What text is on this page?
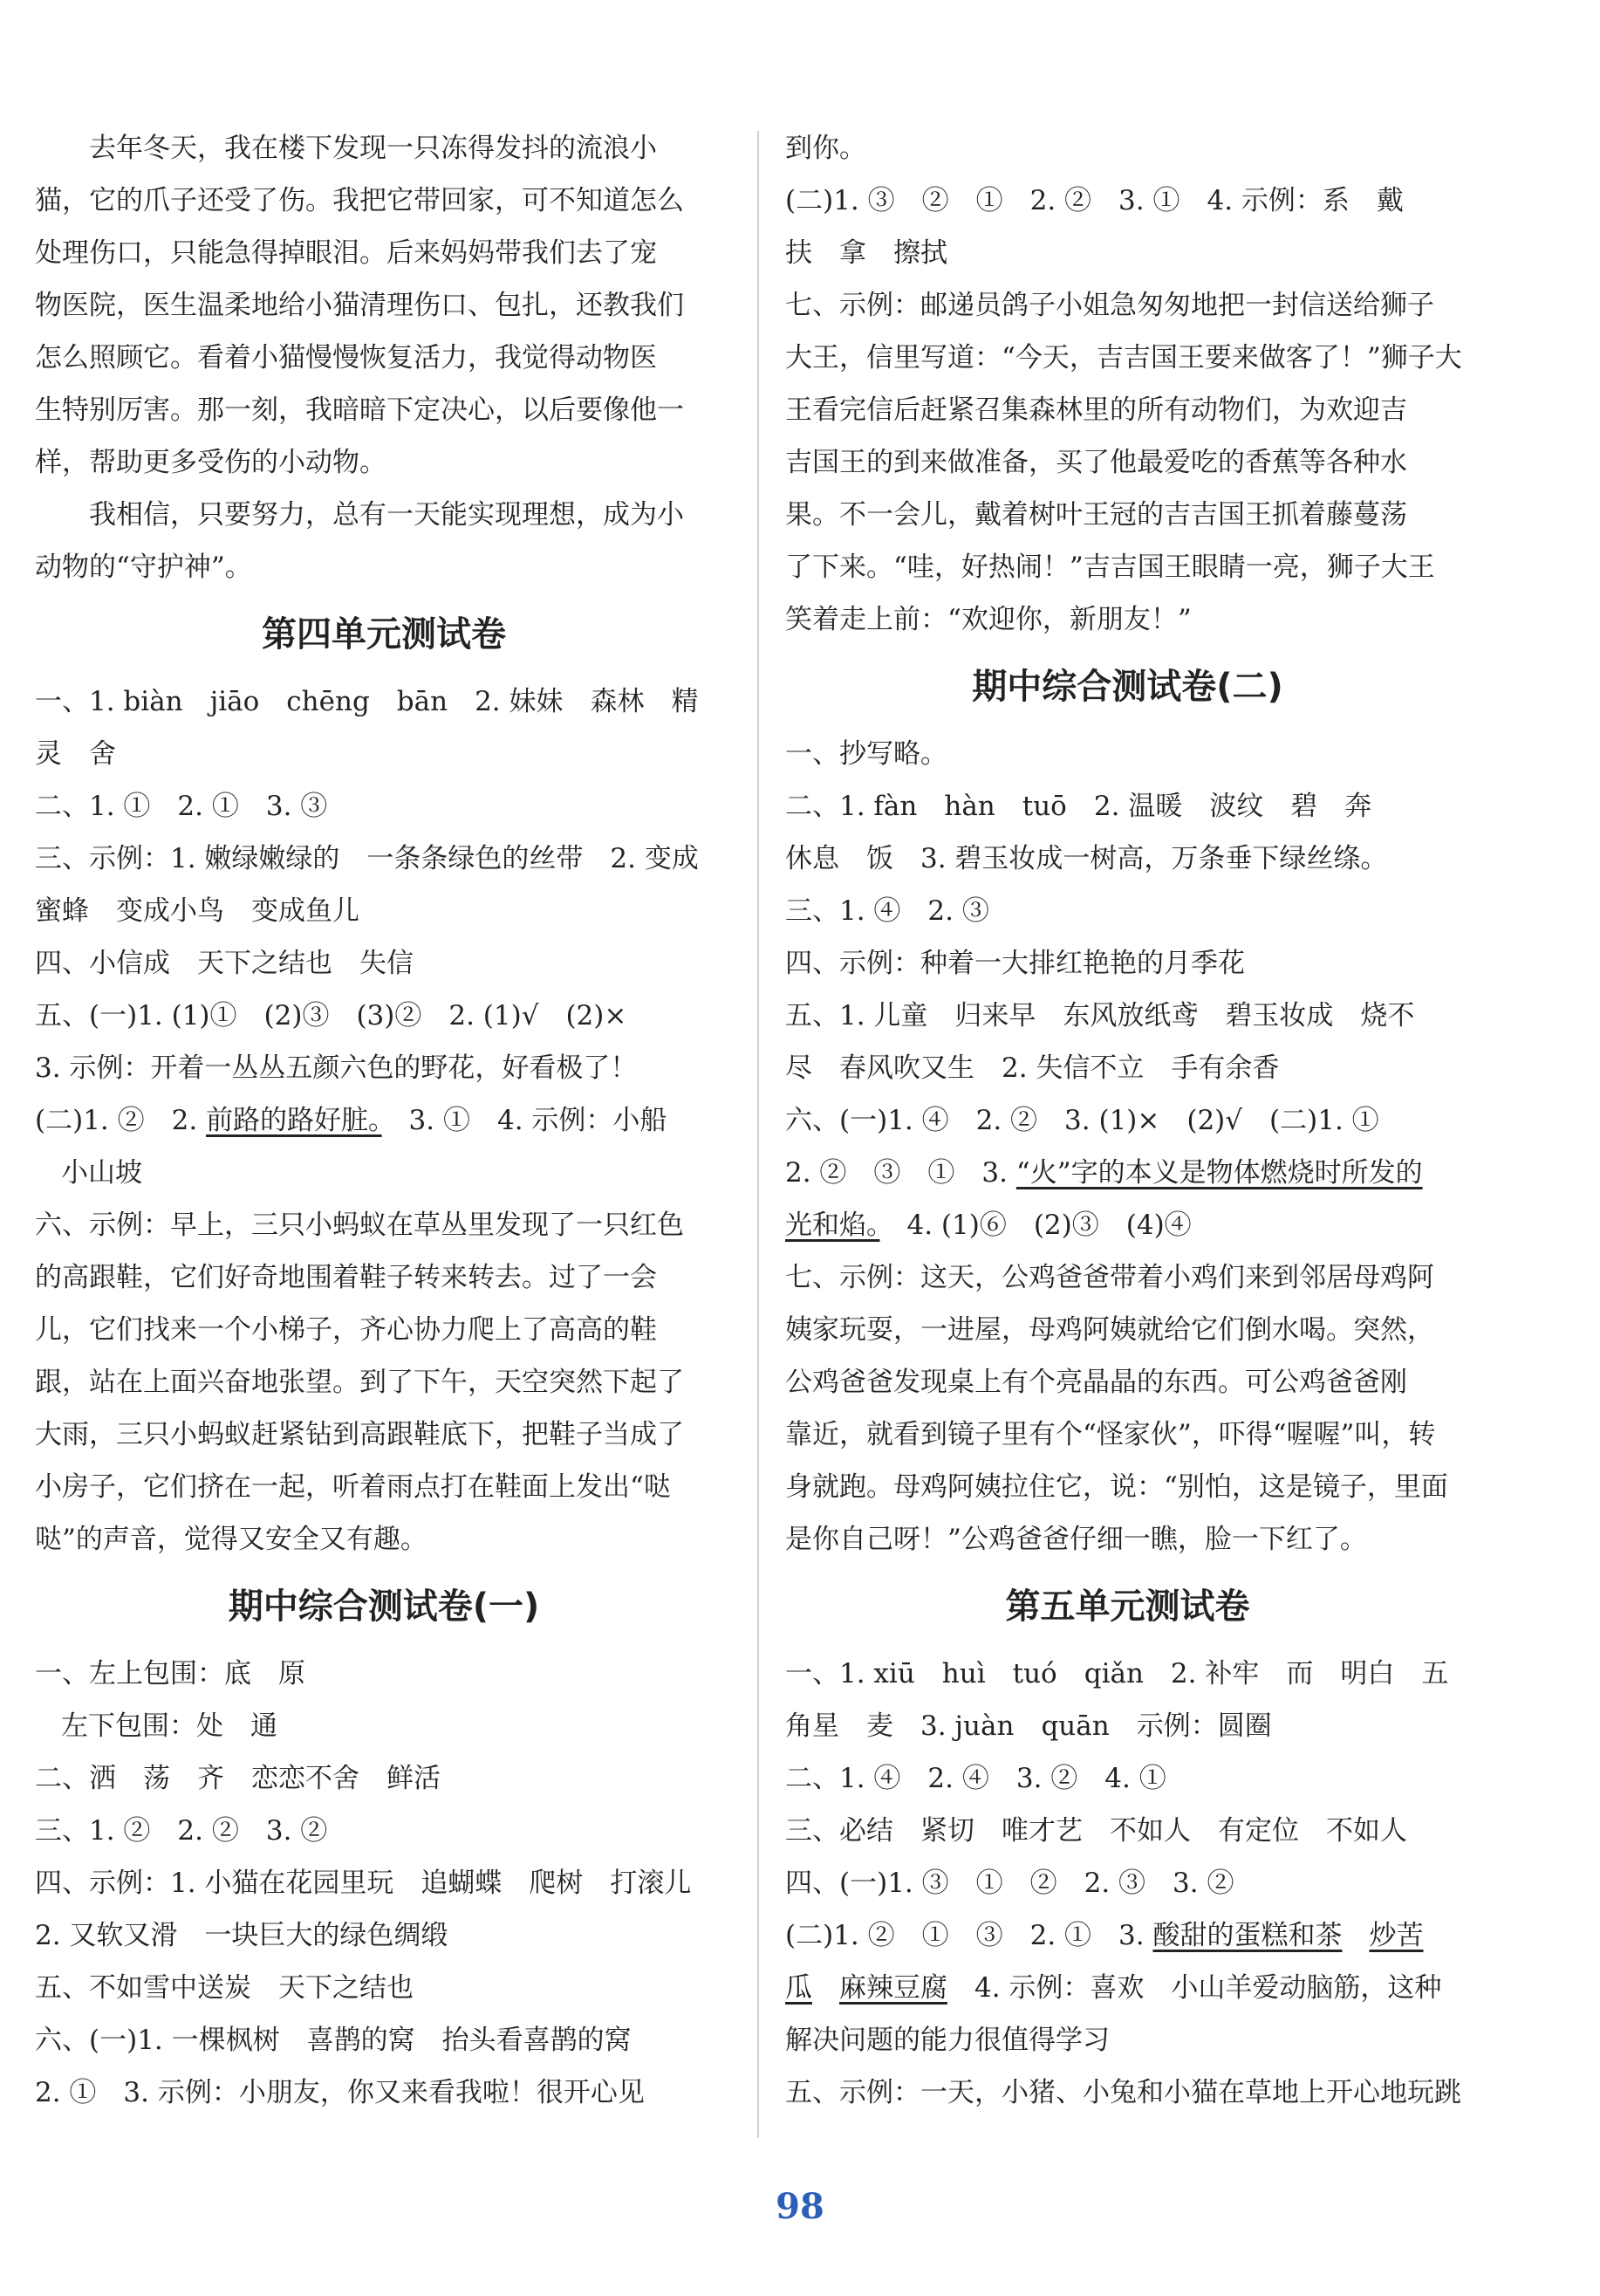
去年冬天，我在楼下发现一只冻得发抖的流浪小
猫，它的爪子还受了伤。我把它带回家，可不知道怎么
处理伤口，只能急得掉眼泪。后来妈妈带我们去了宠
物医院，医生温柔地给小猫清理伤口、包扎，还教我们
怎么照顾它。看着小猫慢慢恢复活力，我觉得动物医
生特别厉害。那一刻，我暗暗下定决心，以后要像他一
样，帮助更多受伤的小动物。
我相信，只要努力，总有一天能实现理想，成为小
动物的“守护神”。
第四单元测试卷
一、1. biàn　jiāo　chēng　bān　2. 妹妹　森林　精
灵　舍
二、1. ①　2. ①　3. ③
三、示例：1. 嫩绿嫩绿的　一条条绿色的丝带　2. 变成
蜜蜂　变成小鸟　变成鱼儿
四、小信成　天下之结也　失信
五、(一)1. (1)①　(2)③　(3)②　2. (1)√　(2)×
3. 示例：开着一丛丛五颜六色的野花，好看极了！
(二)1. ②　2. 前路的路好脏。　3. ①　4. 示例：小船
小山坡
六、示例：早上，三只小蚂蚁在草丛里发现了一只红色
的高跟鞋，它们好奇地围着鞋子转来转去。过了一会
儿，它们找来一个小梯子，齐心协力爬上了高高的鞋
跟，站在上面兴奋地张望。到了下午，天空突然下起了
大雨，三只小蚂蚁赶紧钻到高跟鞋底下，把鞋子当成了
小房子，它们挤在一起，听着雨点打在鞋面上发出“哒
哒”的声音，觉得又安全又有趣。
期中综合测试卷(一)
一、左上包围：底　原
左下包围：处　通
二、洒　荡　齐　恋恋不舍　鲜活
三、1. ②　2. ②　3. ②
四、示例：1. 小猫在花园里玩　追蝴蝶　爬树　打滚儿
2. 又软又滑　一块巨大的绿色绸缎
五、不如雪中送炭　天下之结也
六、(一)1. 一棵枫树　喜鹊的窝　抬头看喜鹊的窝
2. ①　3. 示例：小朋友，你又来看我啦！很开心见
到你。
(二)1. ③　②　①　2. ②　3. ①　4. 示例：系　戴
扶　拿　擦拭
七、示例：邮递员鸽子小姐急匆匆地把一封信送给狮子
大王，信里写道：“今天，吉吉国王要来做客了！”狮子大
王看完信后赶紧召集森林里的所有动物们，为欢迎吉
吉国王的到来做准备，买了他最爱吃的香蕉等各种水
果。不一会儿，戴着树叶王冠的吉吉国王抓着藤蔓荡
了下来。“哇，好热闹！”吉吉国王眼睛一亮，狮子大王
笑着走上前：“欢迎你，新朋友！”
期中综合测试卷(二)
一、抄写略。
二、1. fàn　hàn　tuō　2. 温暖　波纹　碧　奔
休息　饭　3. 碧玉妆成一树高，万条垂下绿丝绦。
三、1. ④　2. ③
四、示例：种着一大排红艳艳的月季花
五、1. 儿童　归来早　东风放纸鸢　碧玉妆成　烧不
尽　春风吹又生　2. 失信不立　手有余香
六、(一)1. ④　2. ②　3. (1)×　(2)√　(二)1. ①
2. ②　③　①　3. “火”字的本义是物体燃烧时所发的
光和焰。　4. (1)⑥　(2)③　(4)④
七、示例：这天，公鸡爸爸带着小鸡们来到邻居母鸡阿
姨家玩耍，一进屋，母鸡阿姨就给它们倒水喝。突然，
公鸡爸爸发现桌上有个亮晶晶的东西。可公鸡爸爸刚
靠近，就看到镜子里有个“怪家伙”，吓得“喔喔”叫，转
身就跑。母鸡阿姨拉住它，说：“别怕，这是镜子，里面
是你自己呀！”公鸡爸爸仔细一瞧，脸一下红了。
第五单元测试卷
一、1. xiū　huì　tuó　qiǎn　2. 补牢　而　明白　五
角星　麦　3. juàn　quān　示例：圆圈
二、1. ④　2. ④　3. ②　4. ①
三、必结　紧切　唯才艺　不如人　有定位　不如人
四、(一)1. ③　①　②　2. ③　3. ②
(二)1. ②　①　③　2. ①　3. 酸甜的蛋糕和茶　 炒苦
瓜　 麻辣豆腐　4. 示例：喜欢　小山羊爱动脑筋，这种
解决问题的能力很值得学习
五、示例：一天，小猪、小兔和小猫在草地上开心地玩跳
98
